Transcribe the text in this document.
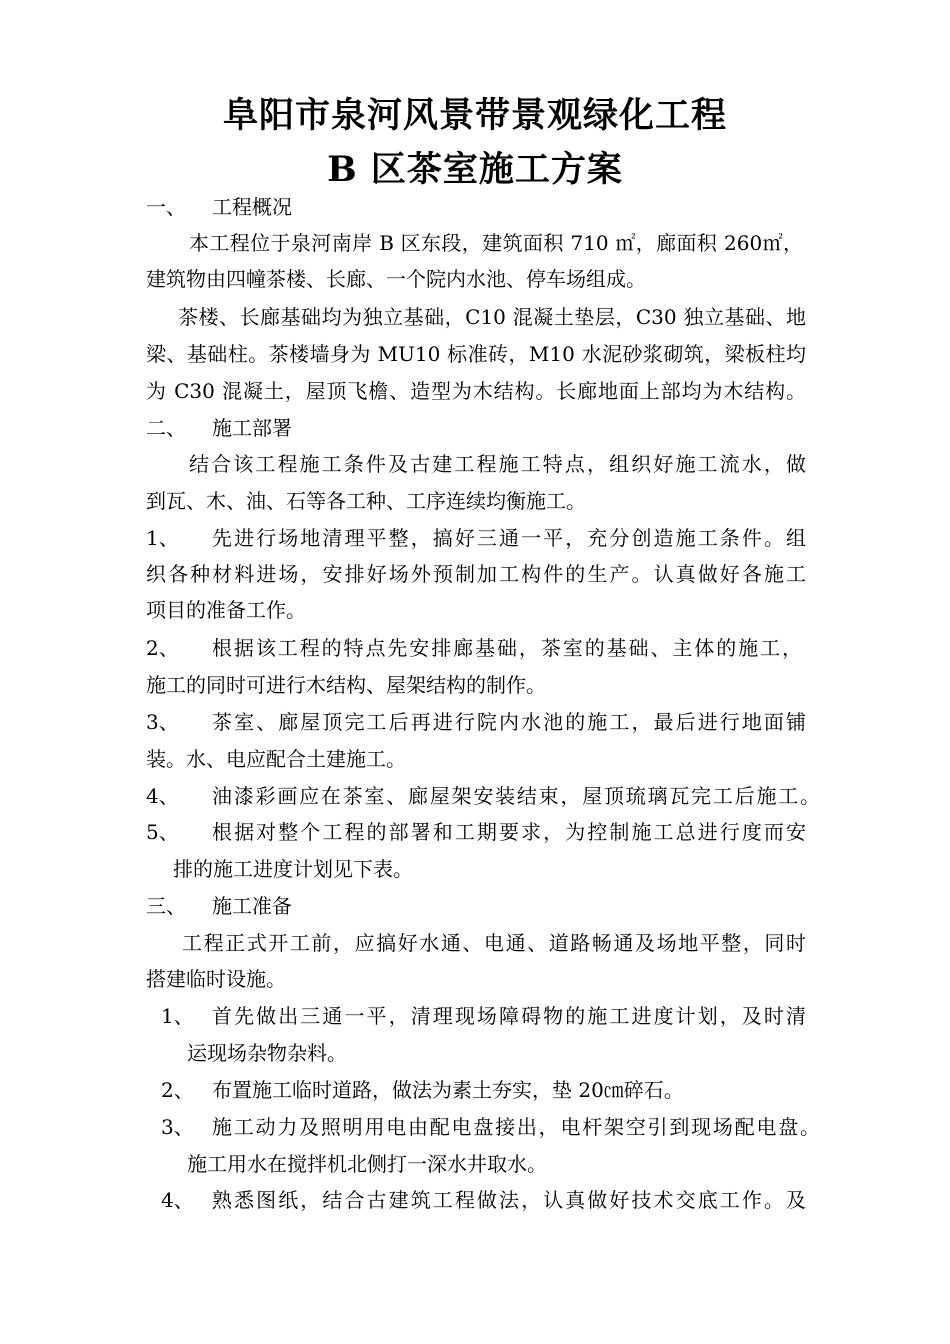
阜阳市泉河风景带景观绿化工程
B 区茶室施工方案
一、 工程概况
本工程位于泉河南岸 B 区东段，建筑面积 710 ㎡，廊面积 260㎡，
建筑物由四幢茶楼、长廊、一个院内水池、停车场组成。
茶楼、长廊基础均为独立基础，C10 混凝土垫层，C30 独立基础、地
梁、基础柱。茶楼墙身为 MU10 标准砖，M10 水泥砂浆砌筑，梁板柱均
为 C30 混凝土，屋顶飞檐、造型为木结构。长廊地面上部均为木结构。
二、 施工部署
结合该工程施工条件及古建工程施工特点，组织好施工流水，做
到瓦、木、油、石等各工种、工序连续均衡施工。
1、 先进行场地清理平整，搞好三通一平，充分创造施工条件。组
织各种材料进场，安排好场外预制加工构件的生产。认真做好各施工
项目的准备工作。
2、 根据该工程的特点先安排廊基础，茶室的基础、主体的施工，
施工的同时可进行木结构、屋架结构的制作。
3、 茶室、廊屋顶完工后再进行院内水池的施工，最后进行地面铺
装。水、电应配合土建施工。
4、 油漆彩画应在茶室、廊屋架安装结束，屋顶琉璃瓦完工后施工。
5、 根据对整个工程的部署和工期要求，为控制施工总进行度而安
排的施工进度计划见下表。
三、 施工准备
工程正式开工前，应搞好水通、电通、道路畅通及场地平整，同时
搭建临时设施。
1、 首先做出三通一平，清理现场障碍物的施工进度计划，及时清
运现场杂物杂料。
2、 布置施工临时道路，做法为素土夯实，垫 20㎝碎石。
3、 施工动力及照明用电由配电盘接出，电杆架空引到现场配电盘。
施工用水在搅拌机北侧打一深水井取水。
4、 熟悉图纸，结合古建筑工程做法，认真做好技术交底工作。及
